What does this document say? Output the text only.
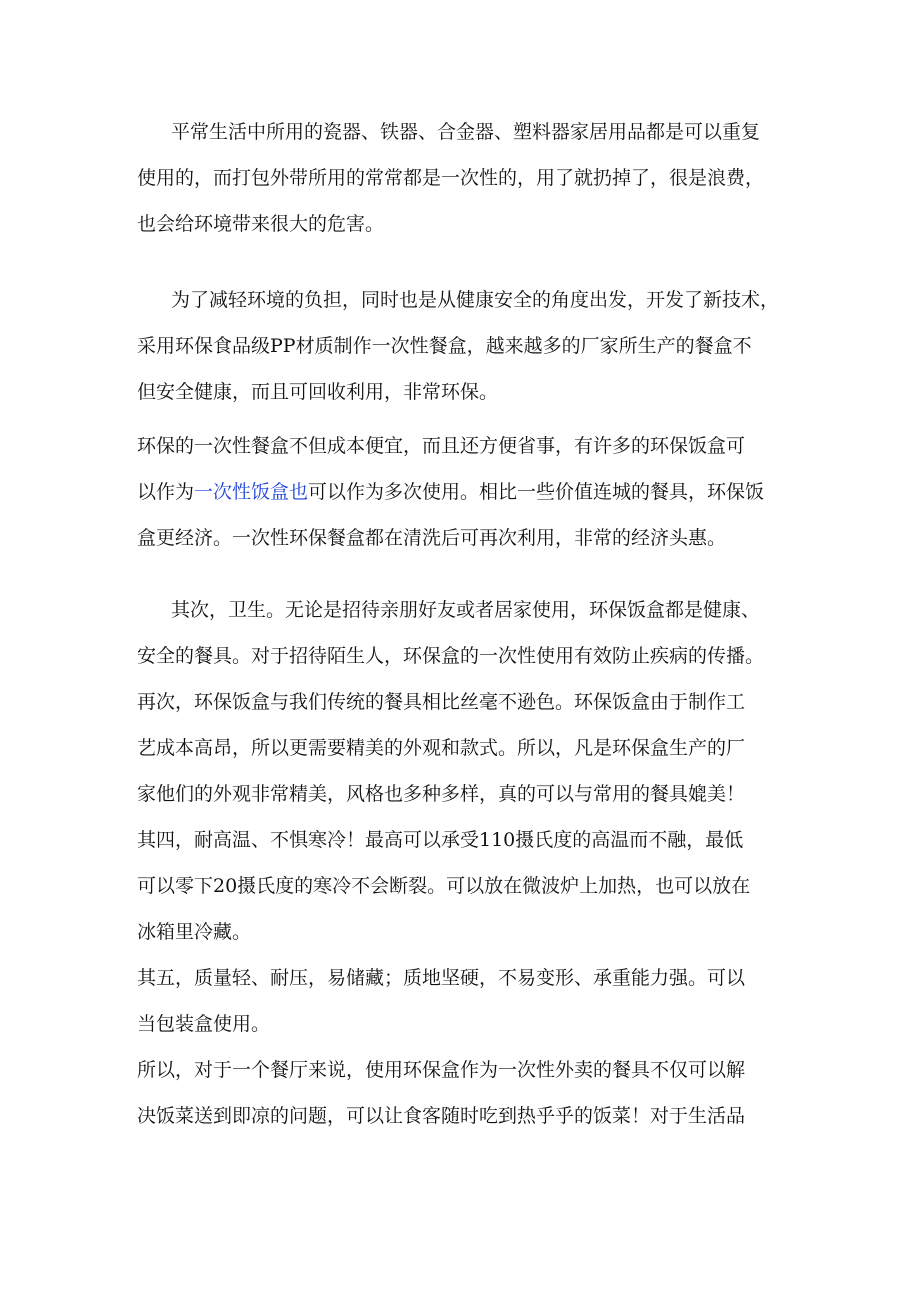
平常生活中所用的瓷器、铁器、合金器、塑料器家居用品都是可以重复
使用的，而打包外带所用的常常都是一次性的，用了就扔掉了，很是浪费，
也会给环境带来很大的危害。
为了减轻环境的负担，同时也是从健康安全的角度出发，开发了新技术，
采用环保食品级PP材质制作一次性餐盒，越来越多的厂家所生产的餐盒不
但安全健康，而且可回收利用，非常环保。
环保的一次性餐盒不但成本便宜，而且还方便省事，有许多的环保饭盒可
以作为一次性饭盒也可以作为多次使用。相比一些价值连城的餐具，环保饭
盒更经济。一次性环保餐盒都在清洗后可再次利用，非常的经济头惠。
其次，卫生。无论是招待亲朋好友或者居家使用，环保饭盒都是健康、
安全的餐具。对于招待陌生人，环保盒的一次性使用有效防止疾病的传播。
再次，环保饭盒与我们传统的餐具相比丝毫不逊色。环保饭盒由于制作工
艺成本高昂，所以更需要精美的外观和款式。所以，凡是环保盒生产的厂
家他们的外观非常精美，风格也多种多样，真的可以与常用的餐具媲美！
其四，耐高温、不惧寒冷！最高可以承受110摄氏度的高温而不融，最低
可以零下20摄氏度的寒冷不会断裂。可以放在微波炉上加热，也可以放在
冰箱里冷藏。
其五，质量轻、耐压，易储藏；质地坚硬，不易变形、承重能力强。可以
当包装盒使用。
所以，对于一个餐厅来说，使用环保盒作为一次性外卖的餐具不仅可以解
决饭菜送到即凉的问题，可以让食客随时吃到热乎乎的饭菜！对于生活品
